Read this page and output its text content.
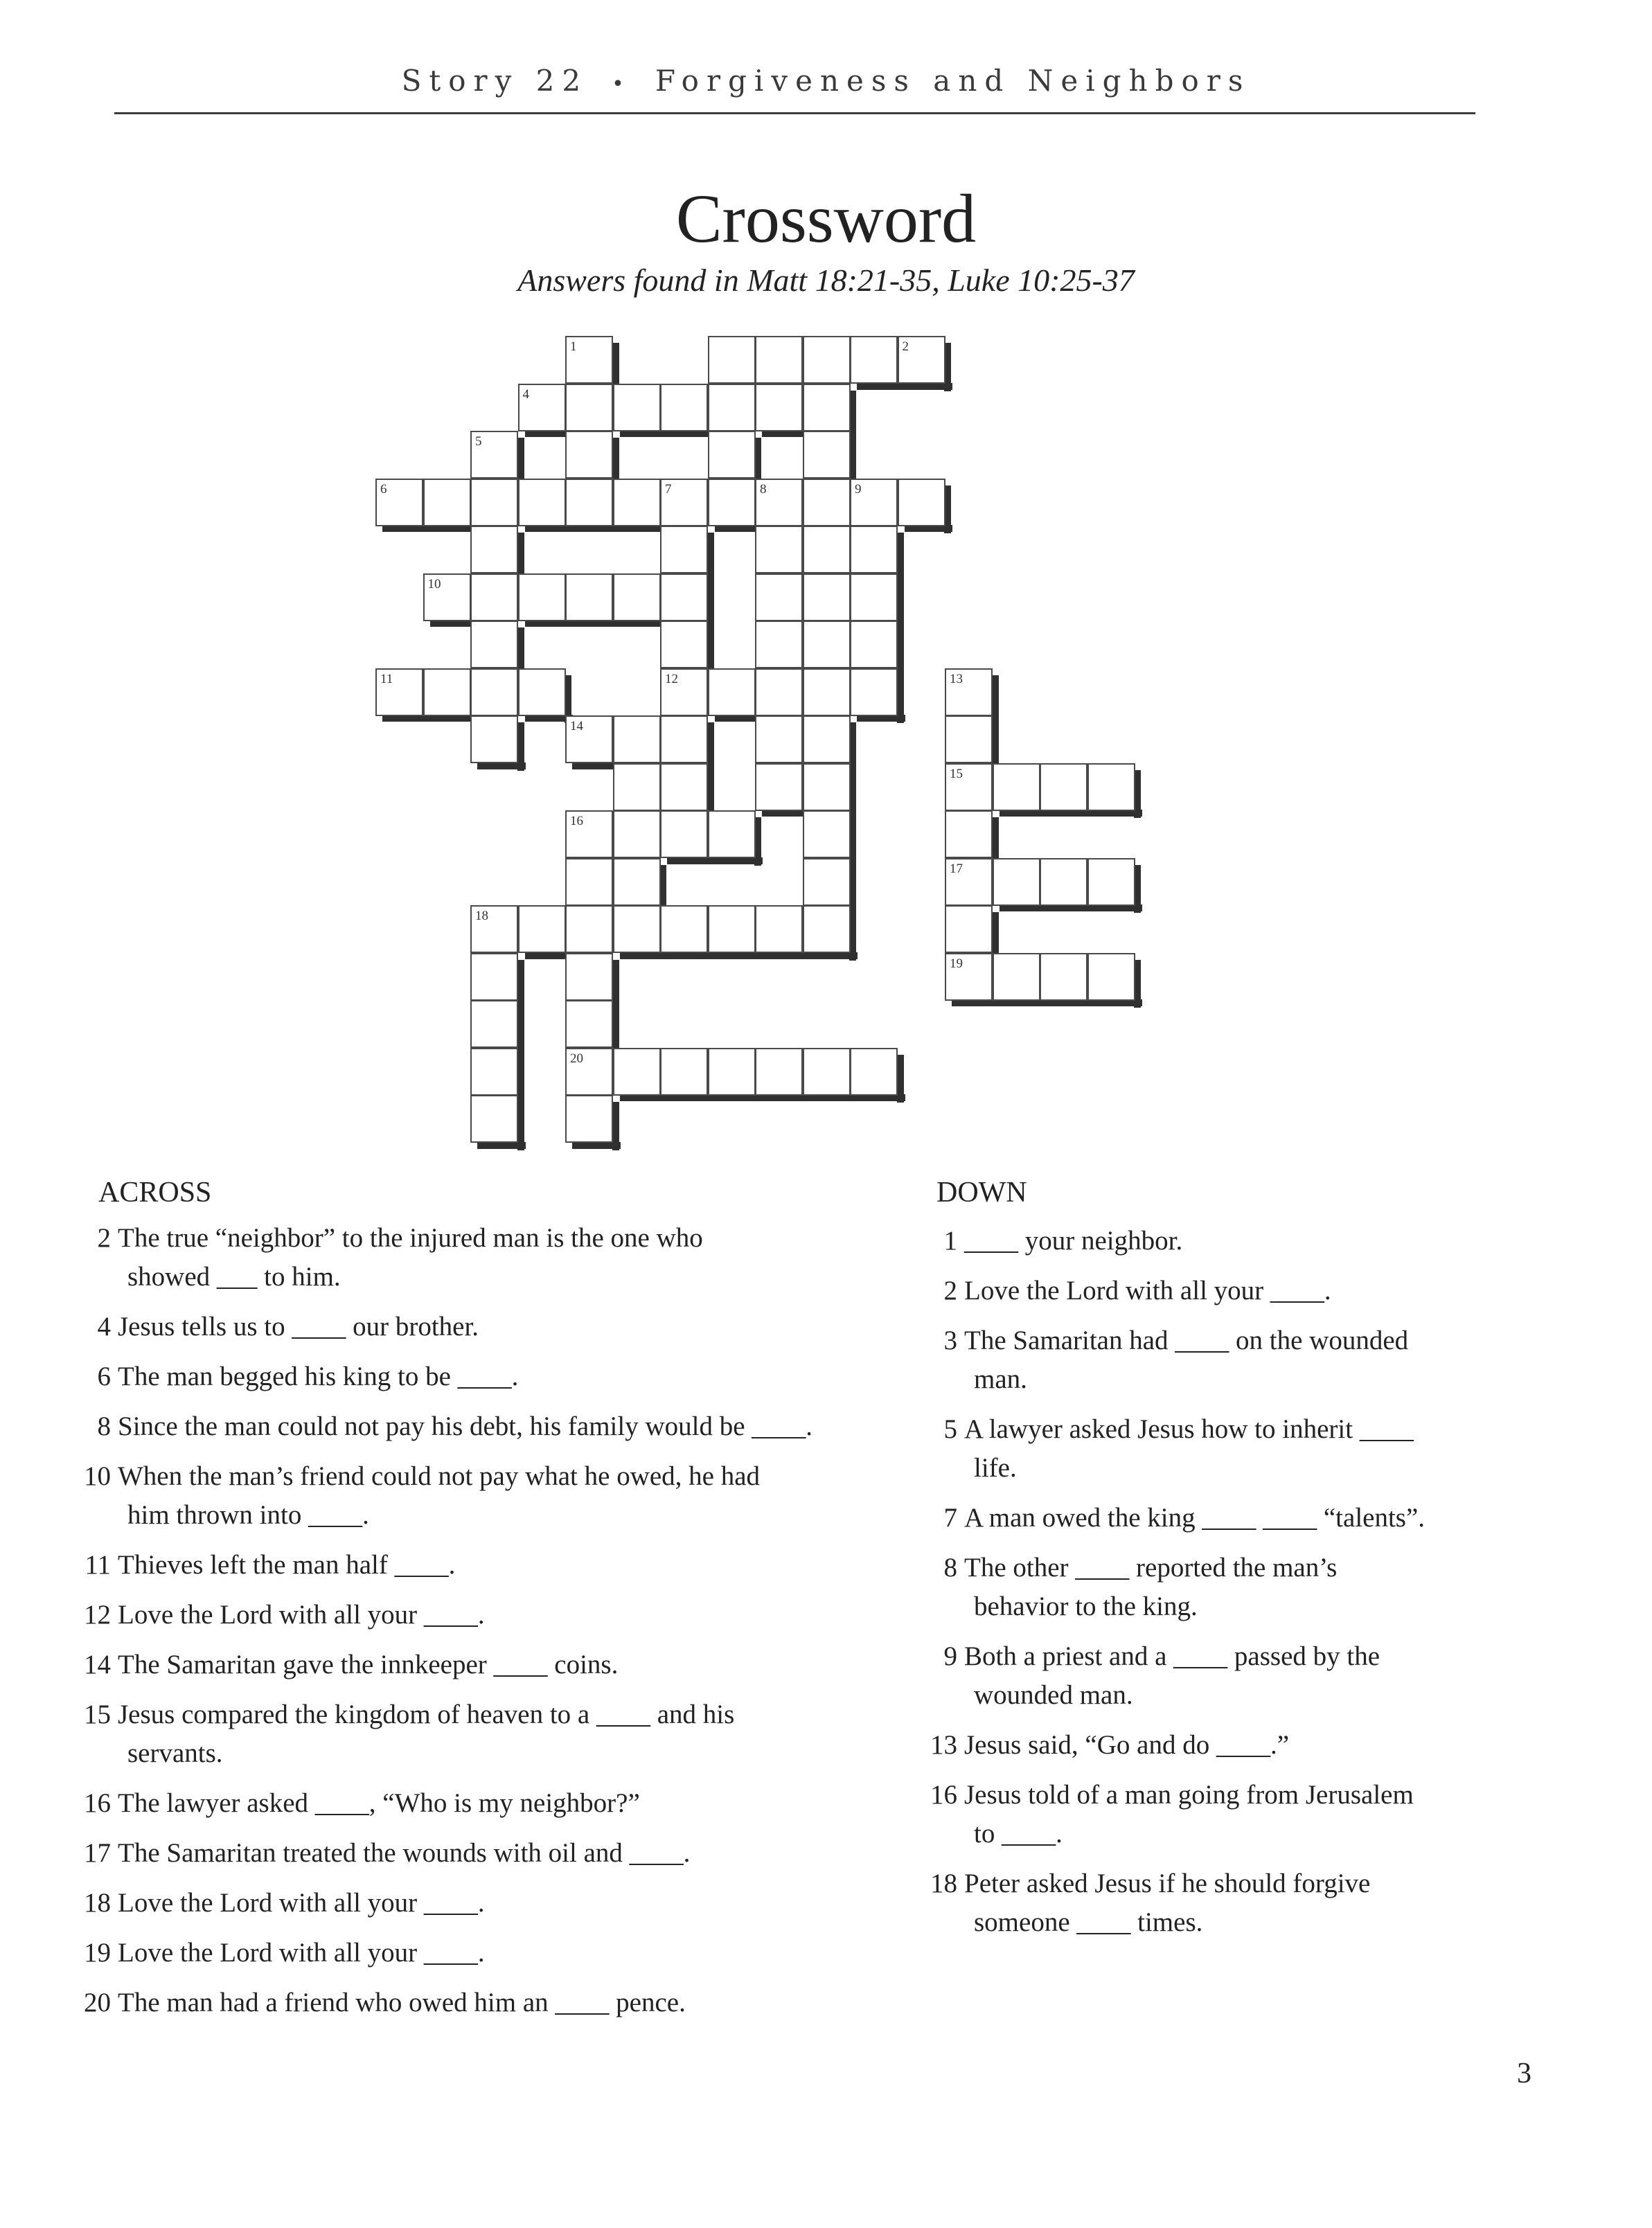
Story 22 • Forgiveness and Neighbors
Crossword
Answers found in Matt 18:21-35, Luke 10:25-37
2
4
6	7	8	9
10
11	12
14
15
16
17
18
19
20
1
5
13
ACROSS	DOWN
2 The true “neighbor” to the injured man is the one who
showed ___ to him.
4 Jesus tells us to ____ our brother.
6 The man begged his king to be ____.
8 Since the man could not pay his debt, his family would be ____.
10 When the man’s friend could not pay what he owed, he had
him thrown into ____.
11 Thieves left the man half ____.
12 Love the Lord with all your ____.
14 The Samaritan gave the innkeeper ____ coins.
15 Jesus compared the kingdom of heaven to a ____ and his
servants.
16 The lawyer asked ____, “Who is my neighbor?”
17 The Samaritan treated the wounds with oil and ____.
18 Love the Lord with all your ____.
19 Love the Lord with all your ____.
20 The man had a friend who owed him an ____ pence.
1 ____ your neighbor.
2 Love the Lord with all your ____.
3 The Samaritan had ____ on the wounded
man.
5 A lawyer asked Jesus how to inherit ____
life.
7 A man owed the king ____ ____ “talents”.
8 The other ____ reported the man’s
behavior to the king.
9 Both a priest and a ____ passed by the
wounded man.
13 Jesus said, “Go and do ____.”
16 Jesus told of a man going from Jerusalem
to ____.
18 Peter asked Jesus if he should forgive
someone ____ times.
3
